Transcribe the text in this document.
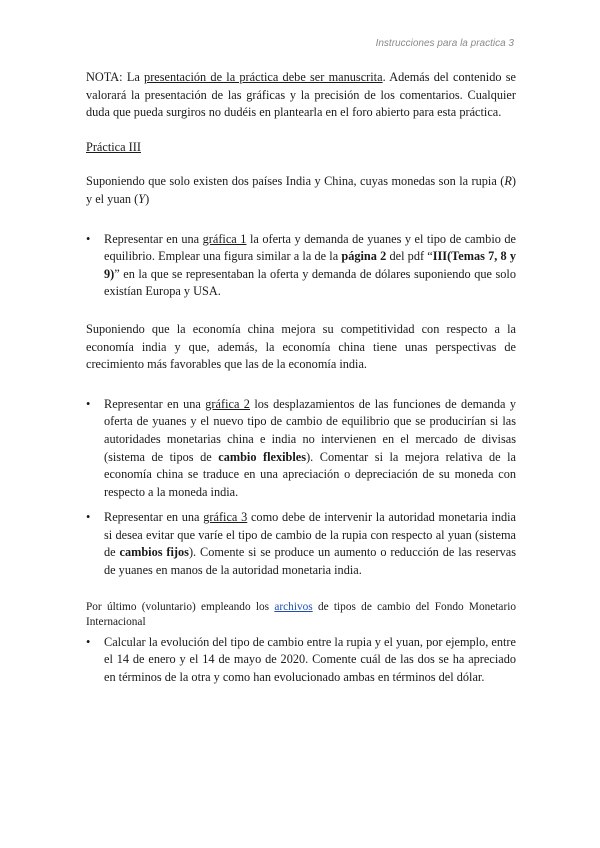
Instrucciones para la practica 3

NOTA: La presentación de la práctica debe ser manuscrita. Además del contenido se valorará la presentación de las gráficas y la precisión de los comentarios. Cualquier duda que pueda surgiros no dudéis en plantearla en el foro abierto para esta práctica.

Práctica III

Suponiendo que solo existen dos países India y China, cuyas monedas son la rupia (R) y el yuan (Y)

• Representar en una gráfica 1 la oferta y demanda de yuanes y el tipo de cambio de equilibrio. Emplear una figura similar a la de la página 2 del pdf “III(Temas 7, 8 y 9)” en la que se representaban la oferta y demanda de dólares suponiendo que solo existían Europa y USA.

Suponiendo que la economía china mejora su competitividad con respecto a la economía india y que, además, la economía china tiene unas perspectivas de crecimiento más favorables que las de la economía india.

• Representar en una gráfica 2 los desplazamientos de las funciones de demanda y oferta de yuanes y el nuevo tipo de cambio de equilibrio que se producirían si las autoridades monetarias china e india no intervienen en el mercado de divisas (sistema de tipos de cambio flexibles). Comentar si la mejora relativa de la economía china se traduce en una apreciación o depreciación de su moneda con respecto a la moneda india.
• Representar en una gráfica 3 como debe de intervenir la autoridad monetaria india si desea evitar que varíe el tipo de cambio de la rupia con respecto al yuan (sistema de cambios fijos). Comente si se produce un aumento o reducción de las reservas de yuanes en manos de la autoridad monetaria india.

Por último (voluntario) empleando los archivos de tipos de cambio del Fondo Monetario Internacional

• Calcular la evolución del tipo de cambio entre la rupia y el yuan, por ejemplo, entre el 14 de enero y el 14 de mayo de 2020. Comente cuál de las dos se ha apreciado en términos de la otra y como han evolucionado ambas en términos del dólar.
